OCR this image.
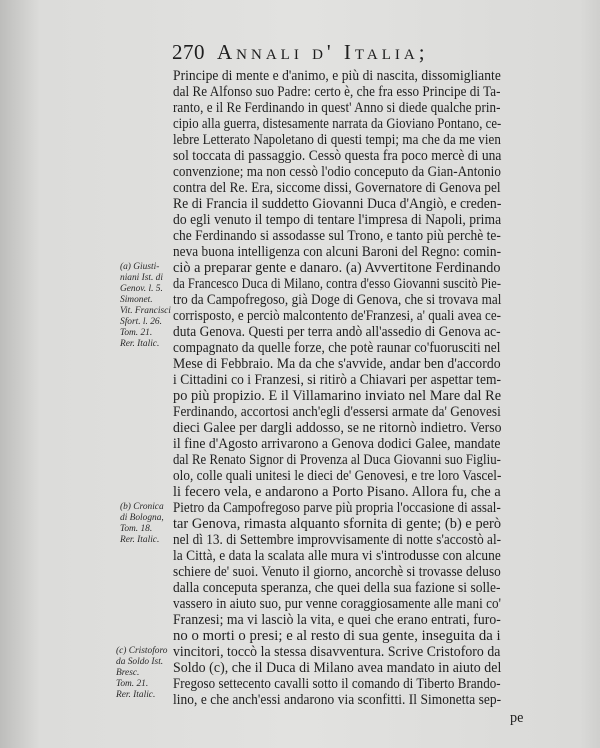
270 Annali d' Italia;
Principe di mente e d'animo, e più di nascita, dissomigliante
dal Re Alfonso suo Padre: certo è, che fra esso Principe di Ta-
ranto, e il Re Ferdinando in quest' Anno si diede qualche prin-
cipio alla guerra, distesamente narrata da Gioviano Pontano, ce-
lebre Letterato Napoletano di questi tempi; ma che da me vien
sol toccata di passaggio. Cessò questa fra poco mercè di una
convenzione; ma non cessò l'odio conceputo da Gian-Antonio
contra del Re. Era, siccome dissi, Governatore di Genova pel
Re di Francia il suddetto Giovanni Duca d'Angiò, e creden-
do egli venuto il tempo di tentare l'impresa di Napoli, prima
che Ferdinando si assodasse sul Trono, e tanto più perchè te-
neva buona intelligenza con alcuni Baroni del Regno: comin-
ciò a preparar gente e danaro. (a) Avvertitone Ferdinando
da Francesco Duca di Milano, contra d'esso Giovanni suscitò Pie-
tro da Campofregoso, già Doge di Genova, che si trovava mal
corrisposto, e perciò malcontento de'Franzesi, a' quali avea ce-
duta Genova. Questi per terra andò all'assedio di Genova ac-
compagnato da quelle forze, che potè raunar co'fuorusciti nel
Mese di Febbraio. Ma da che s'avvide, andar ben d'accordo
i Cittadini co i Franzesi, si ritirò a Chiavari per aspettar tem-
po più propizio. E il Villamarino inviato nel Mare dal Re
Ferdinando, accortosi anch'egli d'essersi armate da' Genovesi
dieci Galee per dargli addosso, se ne ritornò indietro. Verso
il fine d'Agosto arrivarono a Genova dodici Galee, mandate
dal Re Renato Signor di Provenza al Duca Giovanni suo Figliu-
olo, colle quali unitesi le dieci de' Genovesi, e tre loro Vascel-
li fecero vela, e andarono a Porto Pisano. Allora fu, che a
Pietro da Campofregoso parve più propria l'occasione di assal-
tar Genova, rimasta alquanto sfornita di gente; (b) e però
nel dì 13. di Settembre improvvisamente di notte s'accostò al-
la Città, e data la scalata alle mura vi s'introdusse con alcune
schiere de' suoi. Venuto il giorno, ancorchè si trovasse deluso
dalla conceputa speranza, che quei della sua fazione si solle-
vassero in aiuto suo, pur venne coraggiosamente alle mani co'
Franzesi; ma vi lasciò la vita, e quei che erano entrati, furo-
no o morti o presi; e al resto di sua gente, inseguita da i
vincitori, toccò la stessa disavventura. Scrive Cristoforo da
Soldo (c), che il Duca di Milano avea mandato in aiuto del
Fregoso settecento cavalli sotto il comando di Tiberto Brando-
lino, e che anch'essi andarono via sconfitti. Il Simonetta sep-
(a) Giusti-
niani Ist. di
Genov. l. 5.
Simonet.
Vit. Francisci
Sfort. l. 26.
Tom. 21.
Rer. Italic.
(b) Cronica
di Bologna,
Tom. 18.
Rer. Italic.
(c) Cristoforo
da Soldo Ist.
Bresc.
Tom. 21.
Rer. Italic.
pe
